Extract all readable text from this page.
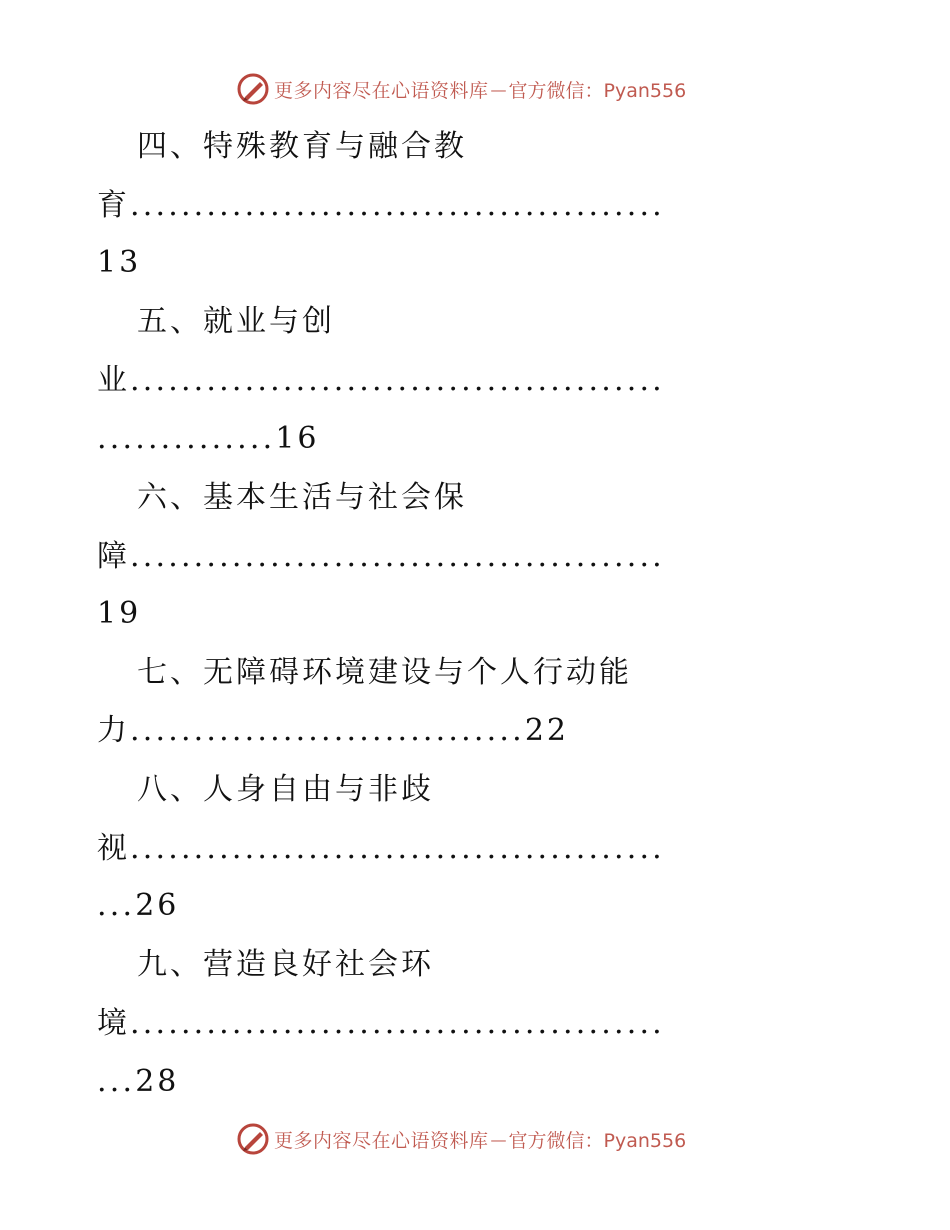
更多内容尽在心语资料库 — 官方微信：Pyan556
四、特殊教育与融合教
育..........................................
13
五、就业与创
业..........................................
..............16
六、基本生活与社会保
障..........................................
19
七、无障碍环境建设与个人行动能
力...............................22
八、人身自由与非歧
视..........................................
...26
九、营造良好社会环
境..........................................
...28
更多内容尽在心语资料库 — 官方微信：Pyan556
